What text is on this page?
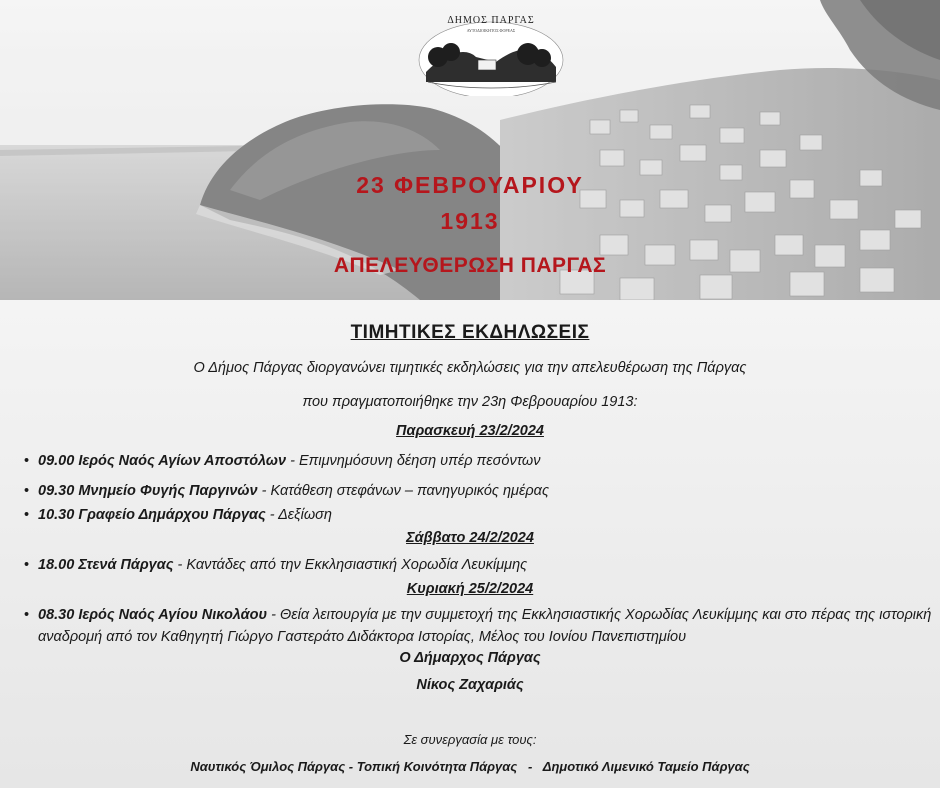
ΔΗΜΟΣ ΠΑΡΓΑΣ
ΑΥΤΟΔΙΟΙΚΗΤΟΣ ΦΟΡΕΑΣ
23 ΦΕΒΡΟΥΑΡΙΟΥ
1913
ΑΠΕΛΕΥΘΕΡΩΣΗ ΠΑΡΓΑΣ
ΤΙΜΗΤΙΚΕΣ ΕΚΔΗΛΩΣΕΙΣ
Ο Δήμος Πάργας διοργανώνει τιμητικές εκδηλώσεις για την απελευθέρωση της Πάργας
που πραγματοποιήθηκε την 23η Φεβρουαρίου 1913:
Παρασκευή 23/2/2024
• 09.00 Ιερός Ναός Αγίων Αποστόλων - Επιμνημόσυνη δέηση υπέρ πεσόντων
• 09.30 Μνημείο Φυγής Παργινών - Κατάθεση στεφάνων – πανηγυρικός ημέρας
• 10.30 Γραφείο Δημάρχου Πάργας - Δεξίωση
Σάββατο 24/2/2024
• 18.00 Στενά Πάργας - Καντάδες από την Εκκλησιαστική Χορωδία Λευκίμμης
Κυριακή 25/2/2024
• 08.30 Ιερός Ναός Αγίου Νικολάου - Θεία λειτουργία με την συμμετοχή της Εκκλησιαστικής Χορωδίας Λευκίμμης και στο πέρας της ιστορική αναδρομή από τον Καθηγητή Γιώργο Γαστεράτο Διδάκτορα Ιστορίας, Μέλος του Ιονίου Πανεπιστημίου
Ο Δήμαρχος Πάργας
Νίκος Ζαχαριάς
Σε συνεργασία με τους:
Ναυτικός Όμιλος Πάργας - Τοπική Κοινότητα Πάργας   -   Δημοτικό Λιμενικό Ταμείο Πάργας
